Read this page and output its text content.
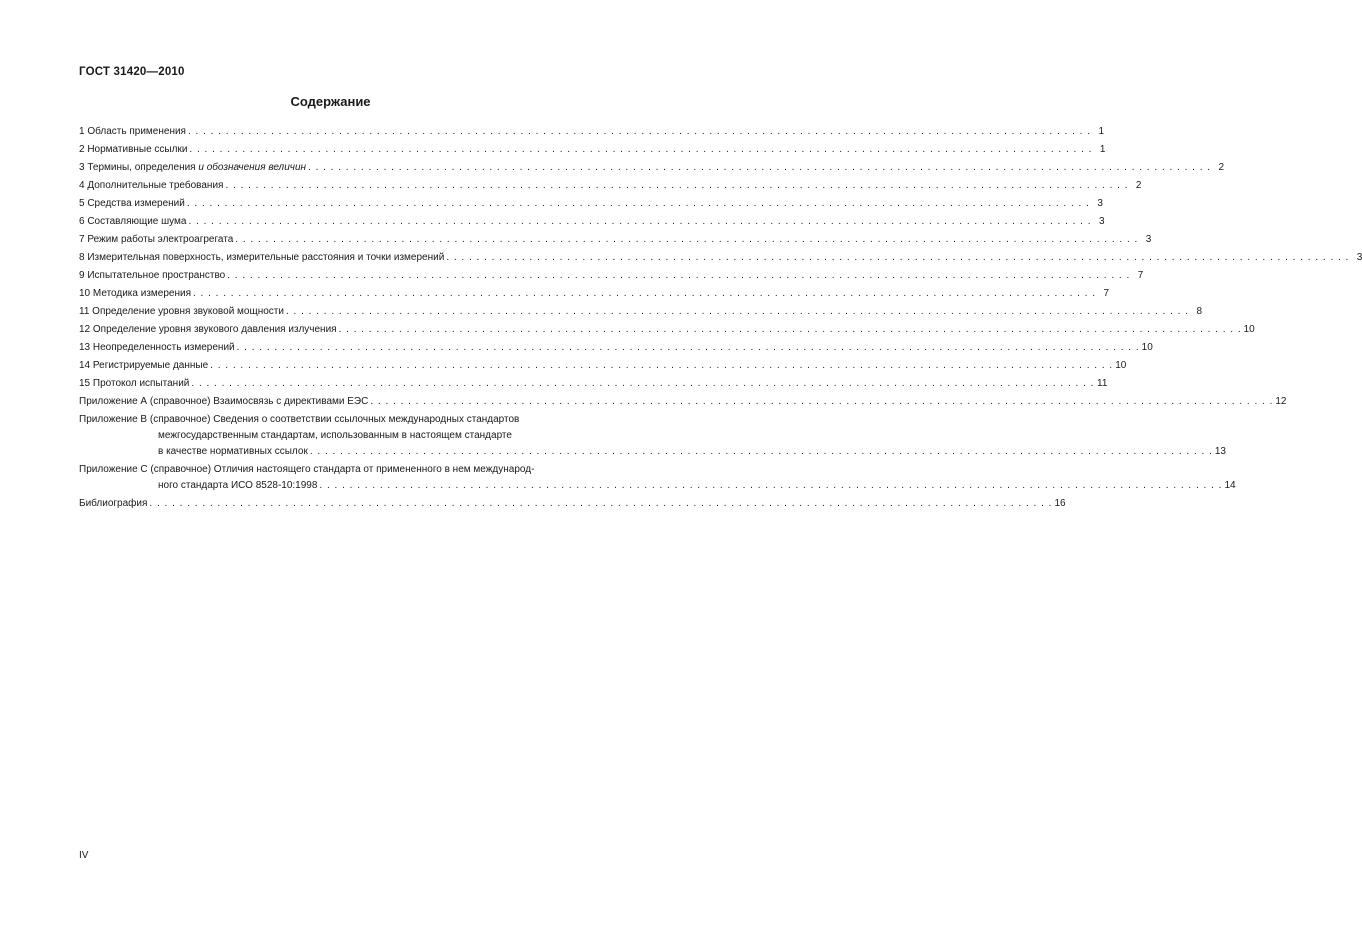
ГОСТ 31420—2010
Содержание
1 Область применения . . . . . . . . . . . . . . . . . . . . . . . . . . . . . . . . . . . . . . . . . . . . . . . . . . . . . . . . . . . . . . . . . . . . . . . . . . . . . . . . . . . . . . . . . . . . . . . . . . . . . . . . . . . . . . . . . . . . . . . . 1
2 Нормативные ссылки . . . . . . . . . . . . . . . . . . . . . . . . . . . . . . . . . . . . . . . . . . . . . . . . . . . . . . . . . . . . . . . . . . . . . . . . . . . . . . . . . . . . . . . . . . . . . . . . . . . . . . . . . . . . . . . . . . . . . . . . 1
3 Термины, определения и обозначения величин . . . . . . . . . . . . . . . . . . . . . . . . . . . . . . . . . . . . . . . . . . . . . . . . . . . . . . . . . . . . . . . . . . . . . . . . . . . . . . . . . . . . . . . . . . . . . . . . . . . . . . . . . . . . . . . . . . . . . . . . 2
4 Дополнительные требования . . . . . . . . . . . . . . . . . . . . . . . . . . . . . . . . . . . . . . . . . . . . . . . . . . . . . . . . . . . . . . . . . . . . . . . . . . . . . . . . . . . . . . . . . . . . . . . . . . . . . . . . . . . . . . . . . . . . . . . . 2
5 Средства измерений . . . . . . . . . . . . . . . . . . . . . . . . . . . . . . . . . . . . . . . . . . . . . . . . . . . . . . . . . . . . . . . . . . . . . . . . . . . . . . . . . . . . . . . . . . . . . . . . . . . . . . . . . . . . . . . . . . . . . . . . 3
6 Составляющие шума . . . . . . . . . . . . . . . . . . . . . . . . . . . . . . . . . . . . . . . . . . . . . . . . . . . . . . . . . . . . . . . . . . . . . . . . . . . . . . . . . . . . . . . . . . . . . . . . . . . . . . . . . . . . . . . . . . . . . . . . 3
7 Режим работы электроагрегата . . . . . . . . . . . . . . . . . . . . . . . . . . . . . . . . . . . . . . . . . . . . . . . . . . . . . . . . . . . . . . . . . . . . . . . . . . . . . . . . . . . . . . . . . . . . . . . . . . . . . . . . . . . . . . . . . . . . . . . . 3
8 Измерительная поверхность, измерительные расстояния и точки измерений . . . . . . . . . . . . . . . . . . . . . . . . . . . . . . . . . . . . . . . . . . . . . . . . . . . . . . . . . . . . . . . . . . . . . . . . . . . . . . . . . . . . . . . . . . . . . . . . . . . . . . . . . . . . . . . . . . . . . . . . 3
9 Испытательное пространство . . . . . . . . . . . . . . . . . . . . . . . . . . . . . . . . . . . . . . . . . . . . . . . . . . . . . . . . . . . . . . . . . . . . . . . . . . . . . . . . . . . . . . . . . . . . . . . . . . . . . . . . . . . . . . . . . . . . . . . . 7
10 Методика измерения . . . . . . . . . . . . . . . . . . . . . . . . . . . . . . . . . . . . . . . . . . . . . . . . . . . . . . . . . . . . . . . . . . . . . . . . . . . . . . . . . . . . . . . . . . . . . . . . . . . . . . . . . . . . . . . . . . . . . . . . 7
11 Определение уровня звуковой мощности . . . . . . . . . . . . . . . . . . . . . . . . . . . . . . . . . . . . . . . . . . . . . . . . . . . . . . . . . . . . . . . . . . . . . . . . . . . . . . . . . . . . . . . . . . . . . . . . . . . . . . . . . . . . . . . . . . . . . . . . 8
12 Определение уровня звукового давления излучения . . . . . . . . . . . . . . . . . . . . . . . . . . . . . . . . . . . . . . . . . . . . . . . . . . . . . . . . . . . . . . . . . . . . . . . . . . . . . . . . . . . . . . . . . . . . . . . . . . . . . . . . . . . . . . . . . . . . . . . . 10
13 Неопределенность измерений . . . . . . . . . . . . . . . . . . . . . . . . . . . . . . . . . . . . . . . . . . . . . . . . . . . . . . . . . . . . . . . . . . . . . . . . . . . . . . . . . . . . . . . . . . . . . . . . . . . . . . . . . . . . . . . . . . . . . . . . 10
14 Регистрируемые данные . . . . . . . . . . . . . . . . . . . . . . . . . . . . . . . . . . . . . . . . . . . . . . . . . . . . . . . . . . . . . . . . . . . . . . . . . . . . . . . . . . . . . . . . . . . . . . . . . . . . . . . . . . . . . . . . . . . . . . . . 10
15 Протокол испытаний . . . . . . . . . . . . . . . . . . . . . . . . . . . . . . . . . . . . . . . . . . . . . . . . . . . . . . . . . . . . . . . . . . . . . . . . . . . . . . . . . . . . . . . . . . . . . . . . . . . . . . . . . . . . . . . . . . . . . . . . 11
Приложение А (справочное) Взаимосвязь с директивами ЕЭС . . . . . . . . . . . . . . . . . . . . . . . . . . . . . . . . . . . . . . . . . . . . . . . . . . . . . . . . . . . . . . . . . . . . . . . . . . . . . . . . . . . . . . . . . . . . . . . . . . . . . . . . . . . . . . . . . . . . . . . . 12
Приложение В (справочное) Сведения о соответствии ссылочных международных стандартов
межгосударственным стандартам, использованным в настоящем стандарте
в качестве нормативных ссылок . . . . . . . . . . . . . . . . . . . . . . . . . . . . . . . . . . . . . . . . . . . . . . . . . . . . . . . . . . . . . . . . . . . . . . . . . . . . . . . . . . . . . . . . . . . . . . . . . . . . . . . . . . . . . . . . . . . . . . . . 13
Приложение С (справочное) Отличия настоящего стандарта от примененного в нем международ-
ного стандарта ИСО 8528-10:1998 . . . . . . . . . . . . . . . . . . . . . . . . . . . . . . . . . . . . . . . . . . . . . . . . . . . . . . . . . . . . . . . . . . . . . . . . . . . . . . . . . . . . . . . . . . . . . . . . . . . . . . . . . . . . . . . . . . . . . . . . 14
Библиография . . . . . . . . . . . . . . . . . . . . . . . . . . . . . . . . . . . . . . . . . . . . . . . . . . . . . . . . . . . . . . . . . . . . . . . . . . . . . . . . . . . . . . . . . . . . . . . . . . . . . . . . . . . . . . . . . . . . . . . . 16
IV
